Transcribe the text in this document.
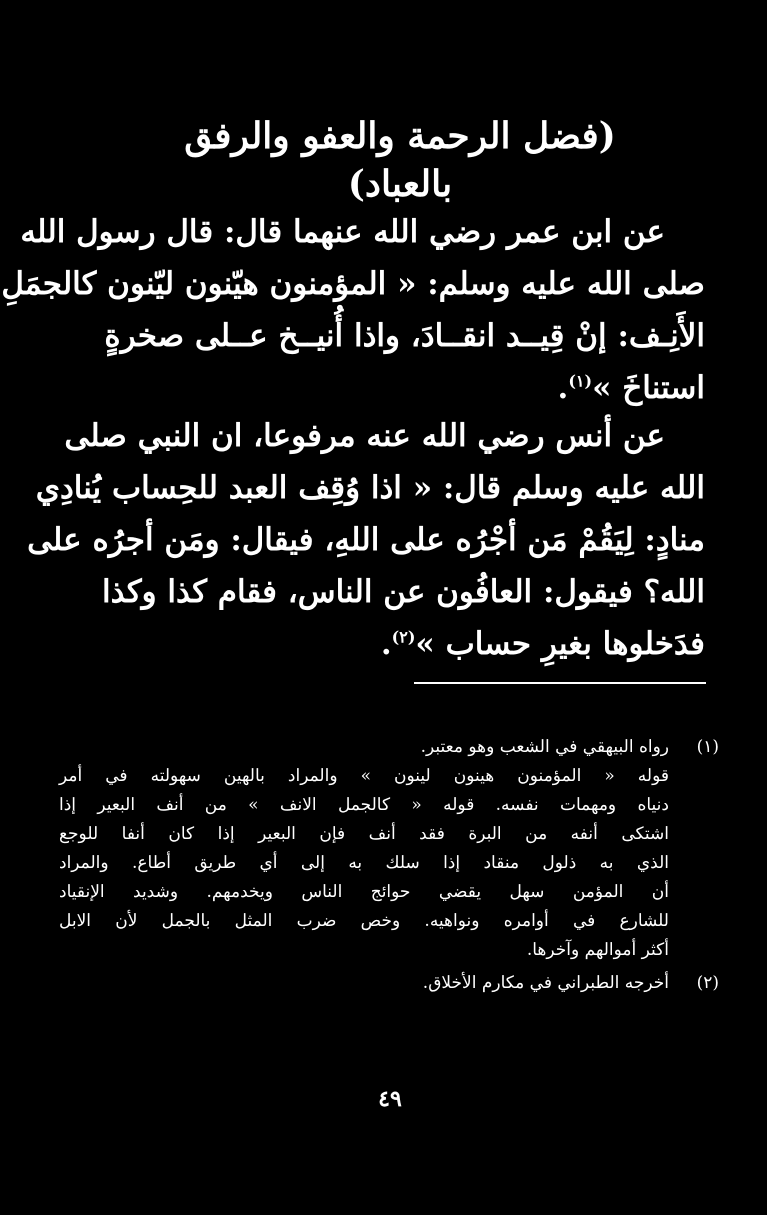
(فضل الرحمة والعفو والرفق بالعباد)
عن ابن عمر رضي الله عنهما قال: قال رسول الله
صلى الله عليه وسلم: « المؤمنون هيّنون ليّنون كالجمَلِ
الأَنِـف: إنْ قِيــد انقــادَ، واذا أُنيــخ عــلى صخرةٍ
استناخَ »$^{(١)}$.
عن أنس رضي الله عنه مرفوعا، ان النبي صلى
الله عليه وسلم قال: « اذا وُقِف العبد للحِساب يُنادِي
منادٍ: لِيَقُمْ مَن أجْرُه على اللهِ، فيقال: ومَن أجرُه على
الله؟ فيقول: العافُون عن الناس، فقام كذا وكذا
فدَخلوها بغيرِ حساب »$^{(٢)}$.
(١)
رواه البيهقي في الشعب وهو معتبر.
قوله « المؤمنون هينون لينون » والمراد بالهين سهولته في أمر
دنياه ومهمات نفسه. قوله « كالجمل الانف » من أنف البعير إذا
اشتكى أنفه من البرة فقد أنف فإن البعير إذا كان أنفا للوجع
الذي به ذلول منقاد إذا سلك به إلى أي طريق أطاع. والمراد
أن المؤمن سهل يقضي حوائج الناس ويخدمهم. وشديد الإنقياد
للشارع في أوامره ونواهيه. وخص ضرب المثل بالجمل لأن الابل
أكثر أموالهم وآخرها.
(٢)
أخرجه الطبراني في مكارم الأخلاق.
٤٩
